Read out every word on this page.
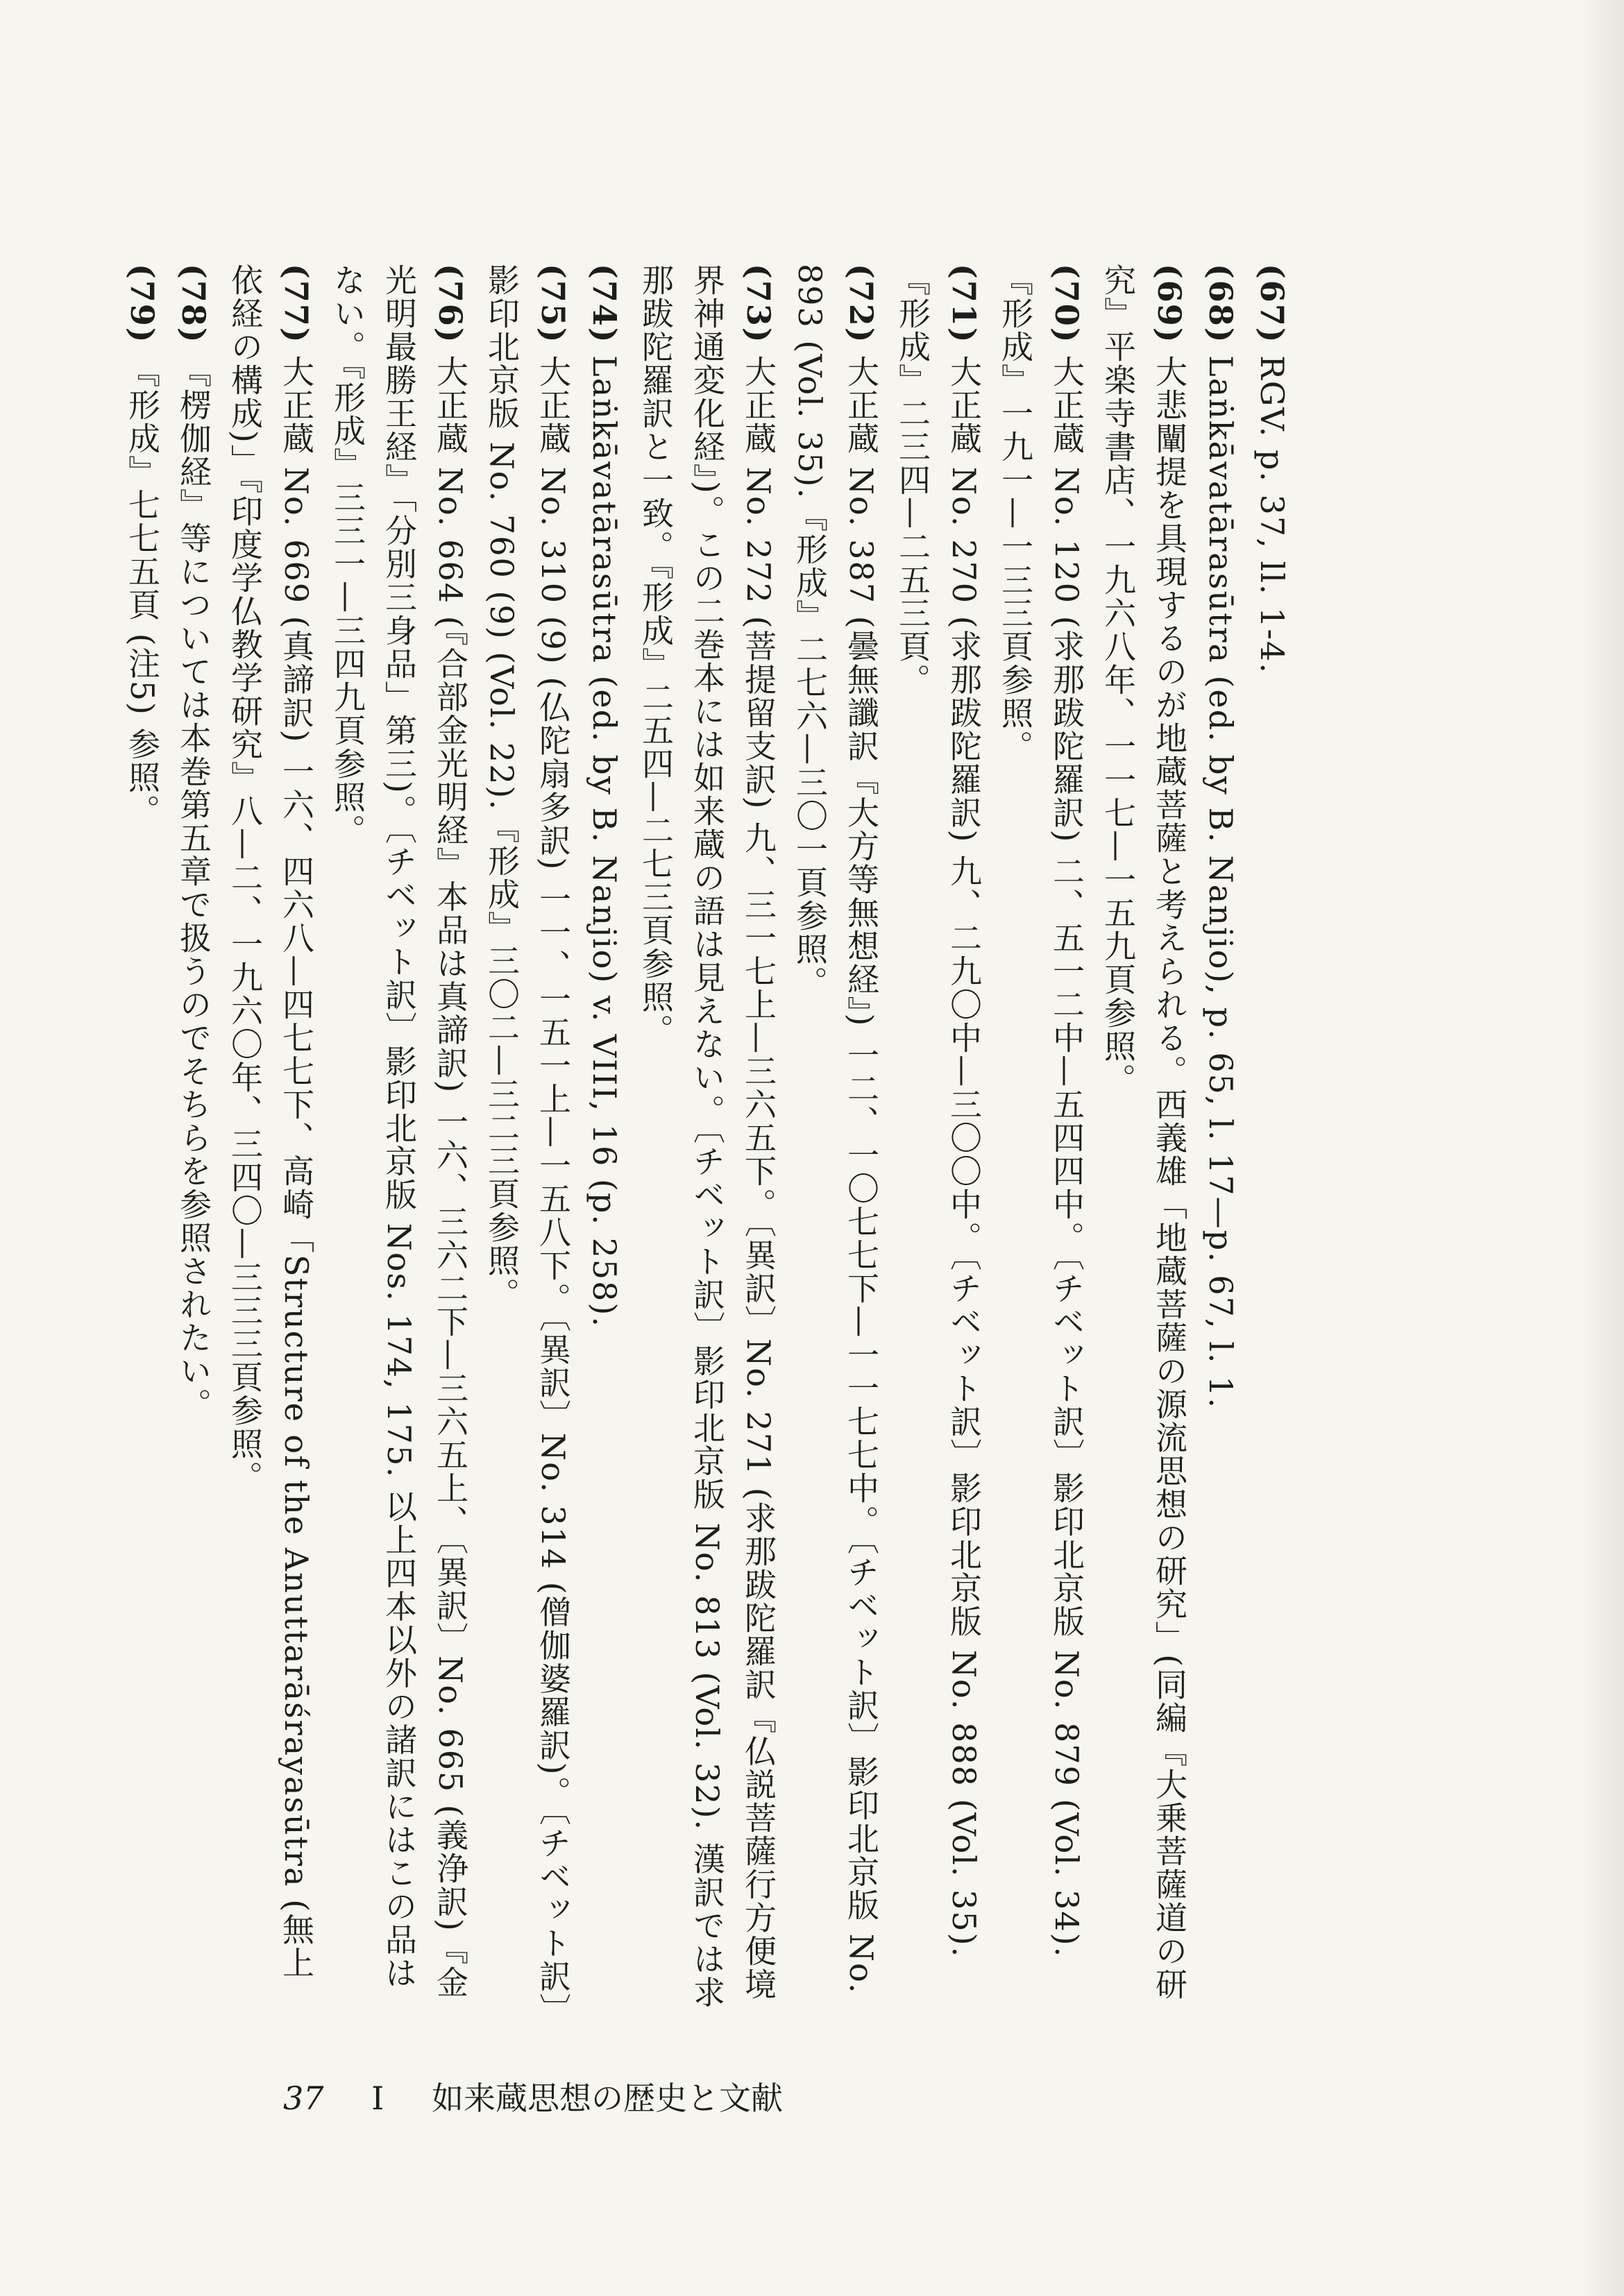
(67) RGV. p. 37, ll. 1-4.
(68) Laṅkāvatārasūtra (ed. by B. Nanjio), p. 65, l. 17—p. 67, l. 1.
(69) 大悲闡提を具現するのが地蔵菩薩と考えられる。西義雄「地蔵菩薩の源流思想の研究」(同編『大乗菩薩道の研究』平楽寺書店、一九六八年、一一七—一五九頁参照。
(70) 大正蔵 No. 120 (求那跋陀羅訳) 二、五一二中—五四四中。〔チベット訳〕影印北京版 No. 879 (Vol. 34).『形成』一九一—一三三頁参照。
(71) 大正蔵 No. 270 (求那跋陀羅訳) 九、二九〇中—三〇〇中。〔チベット訳〕影印北京版 No. 888 (Vol. 35).『形成』二三四—二五三頁。
(72) 大正蔵 No. 387 (曇無讖訳『大方等無想経』) 一二、一〇七七下—一一七七中。〔チベット訳〕影印北京版 No. 893 (Vol. 35).『形成』二七六—三〇一頁参照。
(73) 大正蔵 No. 272 (菩提留支訳) 九、三一七上—三六五下。〔異訳〕No. 271 (求那跋陀羅訳『仏説菩薩行方便境界神通変化経』)。この二巻本には如来蔵の語は見えない。〔チベット訳〕影印北京版 No. 813 (Vol. 32). 漢訳では求那跋陀羅訳と一致。『形成』二五四—二七三頁参照。
(74) Laṅkāvatārasūtra (ed. by B. Nanjio) v. VIII, 16 (p. 258).
(75) 大正蔵 No. 310 (9) (仏陀扇多訳) 一一、一五一上—一五八下。〔異訳〕No. 314 (僧伽婆羅訳)。〔チベット訳〕影印北京版 No. 760 (9) (Vol. 22).『形成』三〇二—三二三頁参照。
(76) 大正蔵 No. 664 (『合部金光明経』本品は真諦訳) 一六、三六二下—三六五上、〔異訳〕No. 665 (義浄訳)『金光明最勝王経』「分別三身品」第三)。〔チベット訳〕影印北京版 Nos. 174, 175. 以上四本以外の諸訳にはこの品はない。『形成』三三一—三四九頁参照。
(77) 大正蔵 No. 669 (真諦訳) 一六、四六八—四七七下、高崎「Structure of the Anuttarāśrayasūtra (無上依経の構成)」『印度学仏教学研究』八—二、一九六〇年、三四〇—三三三頁参照。
(78) 『楞伽経』等については本巻第五章で扱うのでそちらを参照されたい。
(79) 『形成』七七五頁 (注5) 参照。
37 I 如来蔵思想の歴史と文献
